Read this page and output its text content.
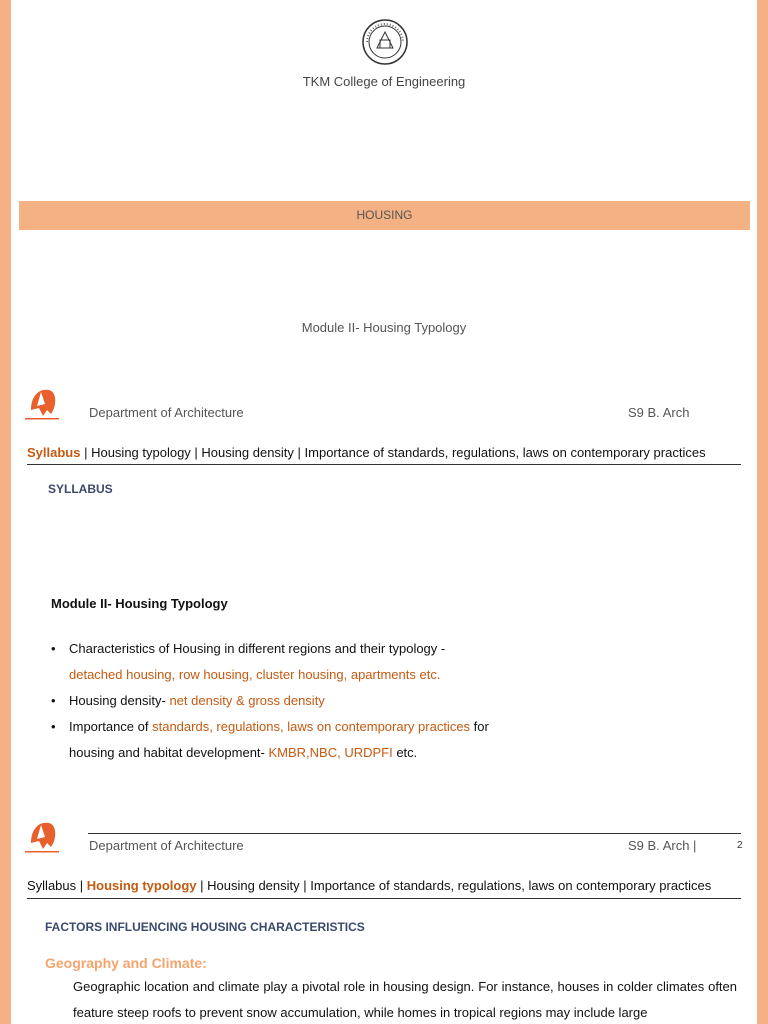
TKM College of Engineering
HOUSING
Module II- Housing Typology
Department of Architecture	S9 B. Arch
Syllabus | Housing typology | Housing density | Importance of standards, regulations, laws on contemporary practices
SYLLABUS
Module II- Housing Typology
• Characteristics of Housing in different regions and their typology -
detached housing, row housing, cluster housing, apartments etc.
• Housing density- net density & gross density
• Importance of standards, regulations, laws on contemporary practices for housing and habitat development- KMBR,NBC, URDPFI etc.
Department of Architecture	S9 B. Arch |	2
Syllabus | Housing typology | Housing density | Importance of standards, regulations, laws on contemporary practices
FACTORS INFLUENCING HOUSING CHARACTERISTICS
Geography and Climate:
Geographic location and climate play a pivotal role in housing design. For instance, houses in colder climates often feature steep roofs to prevent snow accumulation, while homes in tropical regions may include large
